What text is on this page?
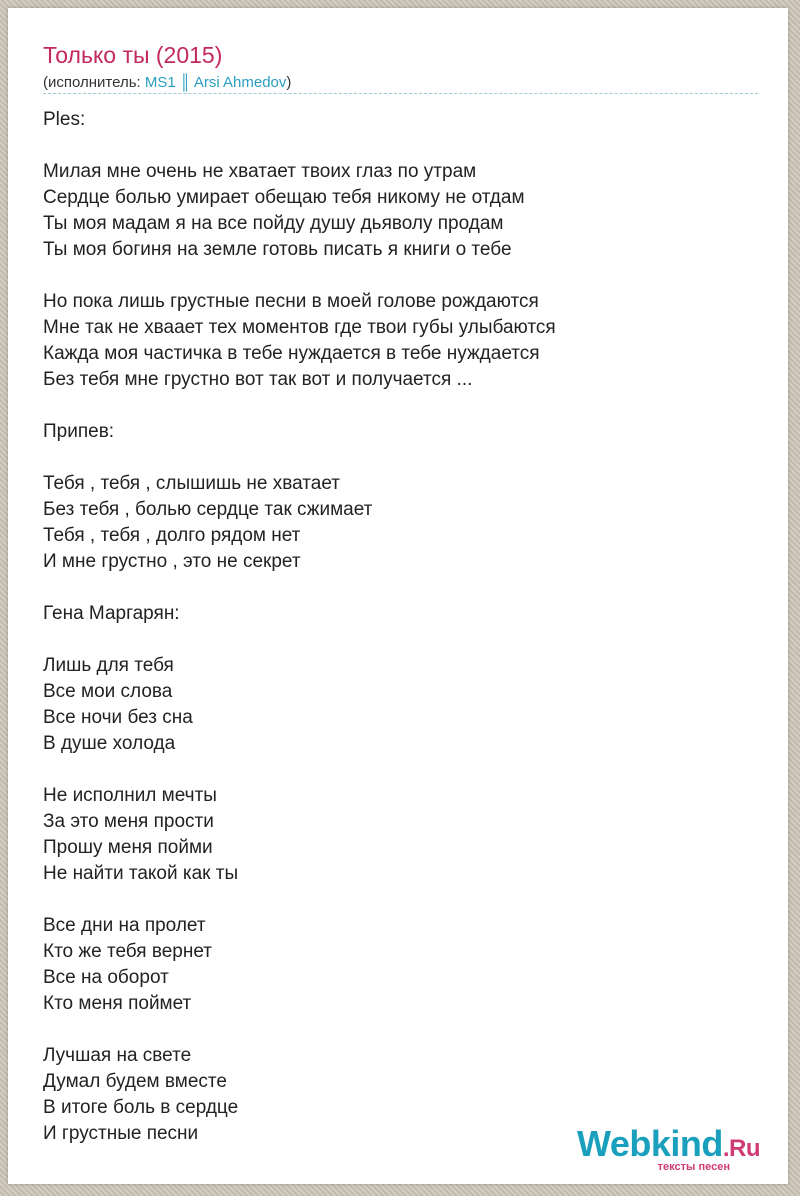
Только ты (2015)
(исполнитель: MS1 ║ Arsi Ahmedov)
Ples:
Милая мне очень не хватает твоих глаз по утрам
Сердце болью умирает обещаю тебя никому не отдам
Ты моя мадам я на все пойду душу дьяволу продам
Ты моя богиня на земле готовь писать я книги о тебе
Но пока лишь грустные песни в моей голове рождаются
Мне так не хваает тех моментов где твои губы улыбаются
Кажда моя частичка в тебе нуждается в тебе нуждается
Без тебя мне грустно вот так вот и получается ...
Припев:
Тебя , тебя , слышишь не хватает
Без тебя , болью сердце так сжимает
Тебя , тебя , долго рядом нет
И мне грустно , это не секрет
Гена Маргарян:
Лишь для тебя
Все мои слова
Все ночи без сна
В душе холода
Не исполнил мечты
За это меня прости
Прошу меня пойми
Не найти такой как ты
Все дни на пролет
Кто же тебя вернет
Все на оборот
Кто меня поймет
Лучшая на свете
Думал будем вместе
В итоге боль в сердце
И грустные песни	Webkind.Ru
тексты песен
